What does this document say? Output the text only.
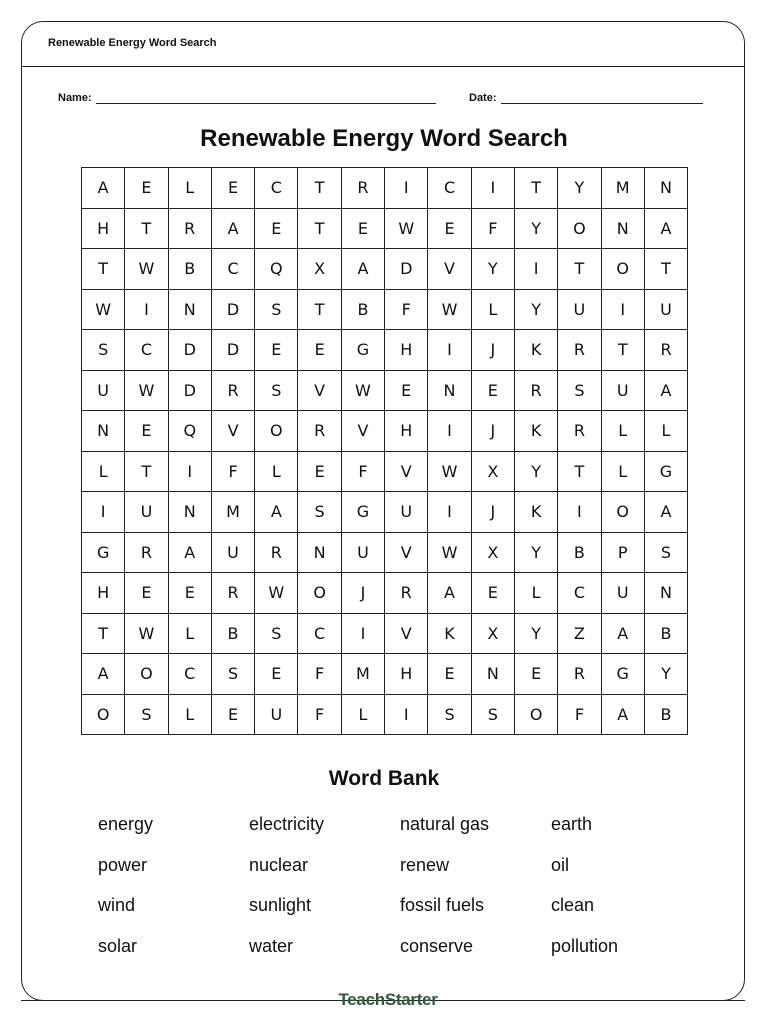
Renewable Energy Word Search
Name:	Date:
Renewable Energy Word Search
A	E	L	E	C	T	R	I	C	I	T	Y	M	N
H	T	R	A	E	T	E	W	E	F	Y	O	N	A
T	W	B	C	Q	X	A	D	V	Y	I	T	O	T
W	I	N	D	S	T	B	F	W	L	Y	U	I	U
S	C	D	D	E	E	G	H	I	J	K	R	T	R
U	W	D	R	S	V	W	E	N	E	R	S	U	A
N	E	Q	V	O	R	V	H	I	J	K	R	L	L
L	T	I	F	L	E	F	V	W	X	Y	T	L	G
I	U	N	M	A	S	G	U	I	J	K	I	O	A
G	R	A	U	R	N	U	V	W	X	Y	B	P	S
H	E	E	R	W	O	J	R	A	E	L	C	U	N
T	W	L	B	S	C	I	V	K	X	Y	Z	A	B
A	O	C	S	E	F	M	H	E	N	E	R	G	Y
O	S	L	E	U	F	L	I	S	S	O	F	A	B
Word Bank
energy	electricity	natural gas	earth
power	nuclear	renew	oil
wind	sunlight	fossil fuels	clean
solar	water	conserve	pollution
TeachStarter
